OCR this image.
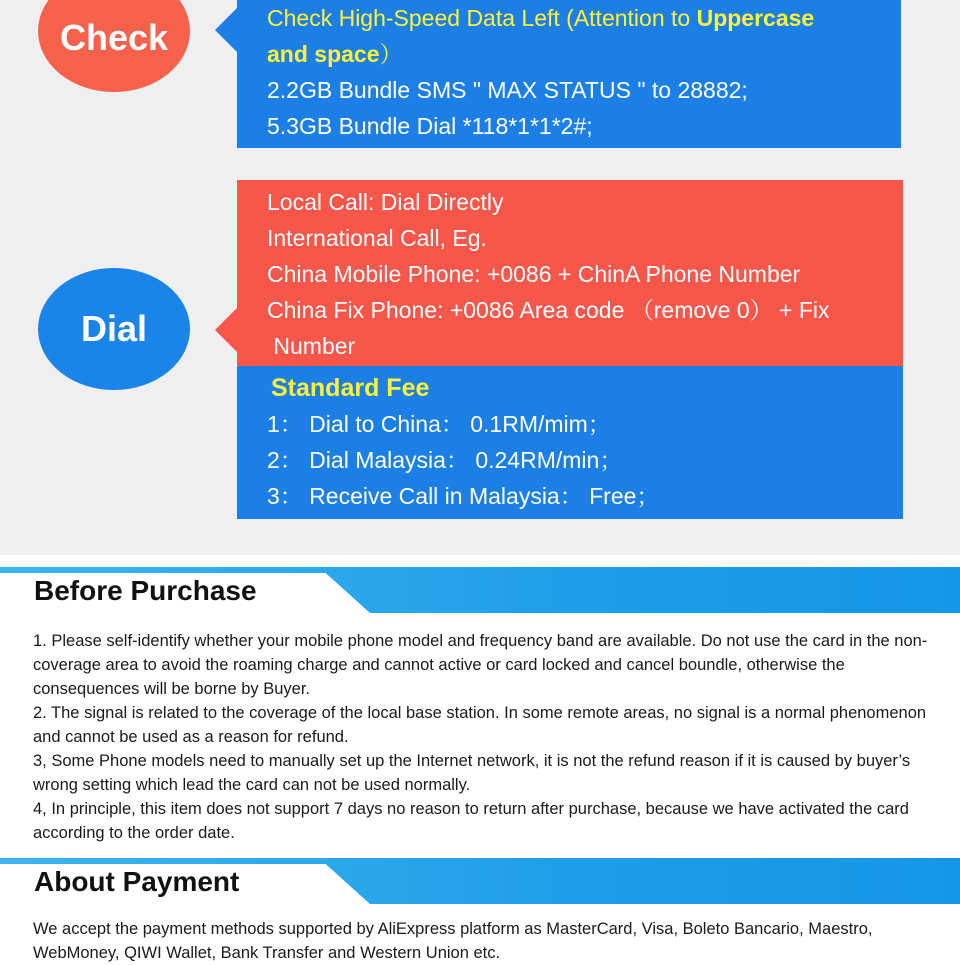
Check	Check High-Speed Data Left (Attention to Uppercase
and space）
2.2GB Bundle SMS " MAX STATUS " to 28882;
5.3GB Bundle Dial *118*1*1*2#;
Dial
Local Call: Dial Directly
International Call, Eg.
China Mobile Phone: +0086 + ChinA Phone Number
China Fix Phone: +0086 Area code （remove 0） + Fix
Number
Standard Fee
1： Dial to China： 0.1RM/mim；
2： Dial Malaysia： 0.24RM/min；
3： Receive Call in Malaysia： Free；
Before Purchase

1. Please self-identify whether your mobile phone model and frequency band are available. Do not use the card in the non-coverage area to avoid the roaming charge and cannot active or card locked and cancel boundle, otherwise the consequences will be borne by Buyer.

2. The signal is related to the coverage of the local base station. In some remote areas, no signal is a normal phenomenon and cannot be used as a reason for refund.

3, Some Phone models need to manually set up the Internet network, it is not the refund reason if it is caused by buyer’s wrong setting which lead the card can not be used normally.

4, In principle, this item does not support 7 days no reason to return after purchase, because we have activated the card according to the order date.

About Payment

We accept the payment methods supported by AliExpress platform as MasterCard, Visa, Boleto Bancario, Maestro, WebMoney, QIWI Wallet, Bank Transfer and Western Union etc.
